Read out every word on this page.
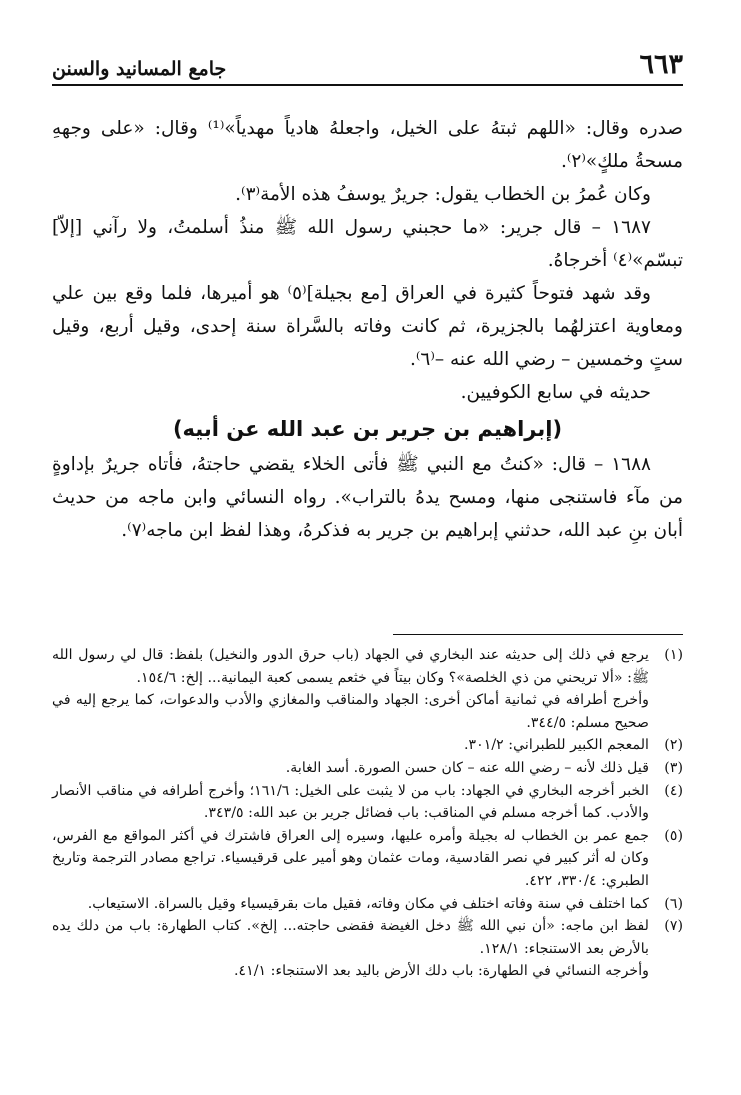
٦٦٣
جامع المسانيد والسنن

صدره وقال: «اللهم ثبتهُ على الخيل، واجعلهُ هادياً مهدياً»⁽¹⁾ وقال: «على وجههِ مسحةُ ملكٍ»⁽٢⁾.

وكان عُمرُ بن الخطاب يقول: جريرٌ يوسفُ هذه الأمة⁽٣⁾.

١٦٨٧ – قال جرير: «ما حجبني رسول الله ﷺ منذُ أسلمتُ، ولا رآني [إلاّ] تبسّم»⁽٤⁾ أخرجاهُ.

وقد شهد فتوحاً كثيرة في العراق [مع بجيلة]⁽٥⁾ هو أميرها، فلما وقع بين علي ومعاوية اعتزلهُما بالجزيرة، ثم كانت وفاته بالسَّراة سنة إحدى، وقيل أربع، وقيل ستٍ وخمسين – رضي الله عنه –⁽٦⁾.

حديثه في سابع الكوفيين.

(إبراهيم بن جرير بن عبد الله عن أبيه)

١٦٨٨ – قال: «كنتُ مع النبي ﷺ فأتى الخلاء يقضي حاجتهُ، فأتاه جريرٌ بإداوةٍ من مآء فاستنجى منها، ومسح يدهُ بالتراب». رواه النسائي وابن ماجه من حديث أبان بنِ عبد الله، حدثني إبراهيم بن جرير به فذكرهُ، وهذا لفظ ابن ماجه⁽٧⁾.

(١)
يرجع في ذلك إلى حديثه عند البخاري في الجهاد (باب حرق الدور والنخيل) بلفظ: قال لي رسول الله ﷺ: «ألا تريحني من ذي الخلصة»؟ وكان بيتاً في خثعم يسمى كعبة اليمانية... إلخ: ١٥٤/٦.
وأخرج أطرافه في ثمانية أماكن أخرى: الجهاد والمناقب والمغازي والأدب والدعوات، كما يرجع إليه في صحيح مسلم: ٣٤٤/٥.
(٢)
المعجم الكبير للطبراني: ٣٠١/٢.
(٣)
قيل ذلك لأنه – رضي الله عنه – كان حسن الصورة. أسد الغابة.
(٤)
الخبر أخرجه البخاري في الجهاد: باب من لا يثبت على الخيل: ١٦١/٦؛ وأخرج أطرافه في مناقب الأنصار والأدب. كما أخرجه مسلم في المناقب: باب فضائل جرير بن عبد الله: ٣٤٣/٥.
(٥)
جمع عمر بن الخطاب له بجيلة وأمره عليها، وسيره إلى العراق فاشترك في أكثر المواقع مع الفرس، وكان له أثر كبير في نصر القادسية، ومات عثمان وهو أمير على قرقيسياء. تراجع مصادر الترجمة وتاريخ الطبري: ٣٣٠/٤، ٤٢٢.
(٦)
كما اختلف في سنة وفاته اختلف في مكان وفاته، فقيل مات بقرقيسياء وقيل بالسراة. الاستيعاب.
(٧)
لفظ ابن ماجه: «أن نبي الله ﷺ دخل الغيضة فقضى حاجته... إلخ». كتاب الطهارة: باب من دلك يده بالأرض بعد الاستنجاء: ١٢٨/١.
وأخرجه النسائي في الطهارة: باب دلك الأرض باليد بعد الاستنجاء: ٤١/١.
